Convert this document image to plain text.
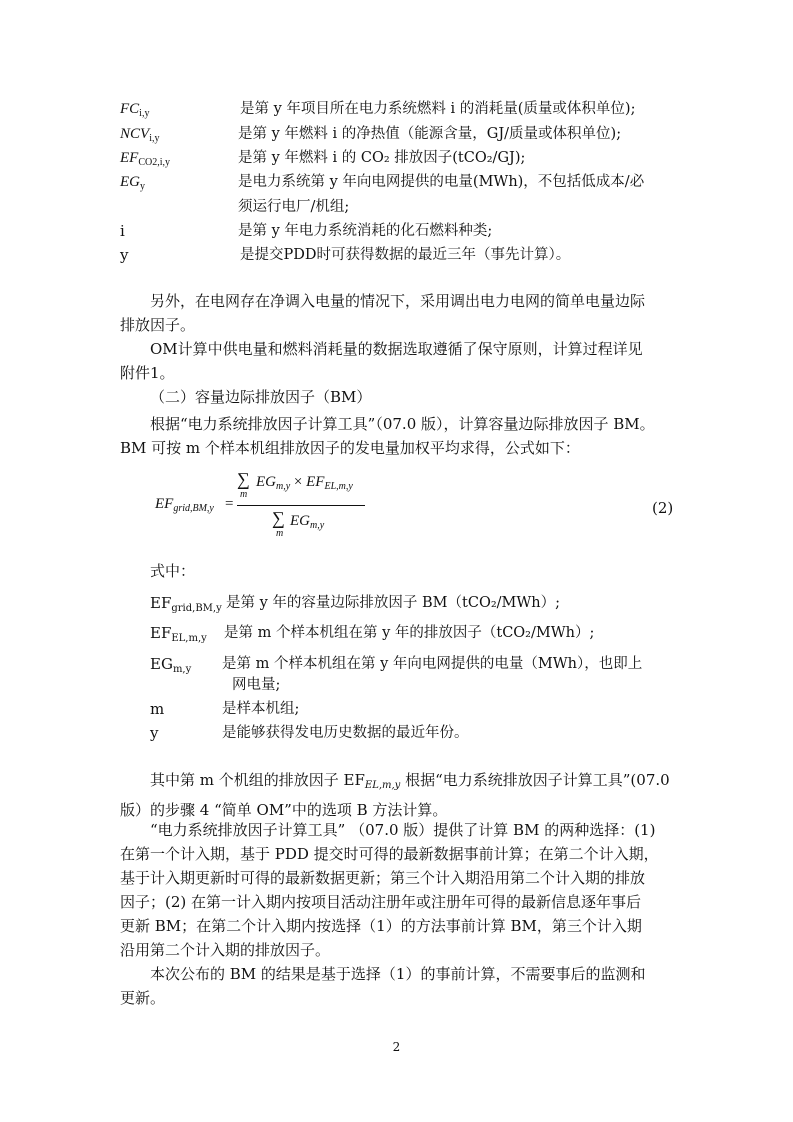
$FC_{i,y}$	是第 y 年项目所在电力系统燃料 i 的消耗量(质量或体积单位);
$NCV_{i,y}$	是第 y 年燃料 i 的净热值（能源含量，GJ/质量或体积单位);
$EF_{CO2,i,y}$	是第 y 年燃料 i 的 CO₂ 排放因子(tCO₂/GJ);
$EG_y$	是电力系统第 y 年向电网提供的电量(MWh)，不包括低成本/必
须运行电厂/机组;
i	是第 y 年电力系统消耗的化石燃料种类;
y	是提交PDD时可获得数据的最近三年（事先计算）。
另外，在电网存在净调入电量的情况下，采用调出电力电网的简单电量边际
排放因子。
OM计算中供电量和燃料消耗量的数据选取遵循了保守原则，计算过程详见
附件1。
（二）容量边际排放因子（BM）
根据“电力系统排放因子计算工具”（07.0 版），计算容量边际排放因子 BM。
BM 可按 m 个样本机组排放因子的发电量加权平均求得，公式如下：
$EF_{grid,BM,y}$ =
∑
m
$EG_{m,y} \times EF_{EL,m,y}$
∑
m
$EG_{m,y}$
(2)
式中：
$EF_{grid,BM,y}$ 是第 y 年的容量边际排放因子 BM（tCO₂/MWh）;
$EF_{EL,m,y}$ 是第 m 个样本机组在第 y 年的排放因子（tCO₂/MWh）;
$EG_{m,y}$ 是第 m 个样本机组在第 y 年向电网提供的电量（MWh），也即上
网电量;
m	是样本机组;
y	是能够获得发电历史数据的最近年份。
其中第 m 个机组的排放因子 $EF_{EL,m,y}$ 根据“电力系统排放因子计算工具”(07.0
版）的步骤 4 “简单 OM”中的选项 B 方法计算。
“电力系统排放因子计算工具” （07.0 版）提供了计算 BM 的两种选择：(1)
在第一个计入期，基于 PDD 提交时可得的最新数据事前计算；在第二个计入期，
基于计入期更新时可得的最新数据更新；第三个计入期沿用第二个计入期的排放
因子；(2) 在第一计入期内按项目活动注册年或注册年可得的最新信息逐年事后
更新 BM；在第二个计入期内按选择（1）的方法事前计算 BM，第三个计入期
沿用第二个计入期的排放因子。
本次公布的 BM 的结果是基于选择（1）的事前计算，不需要事后的监测和
更新。
2
